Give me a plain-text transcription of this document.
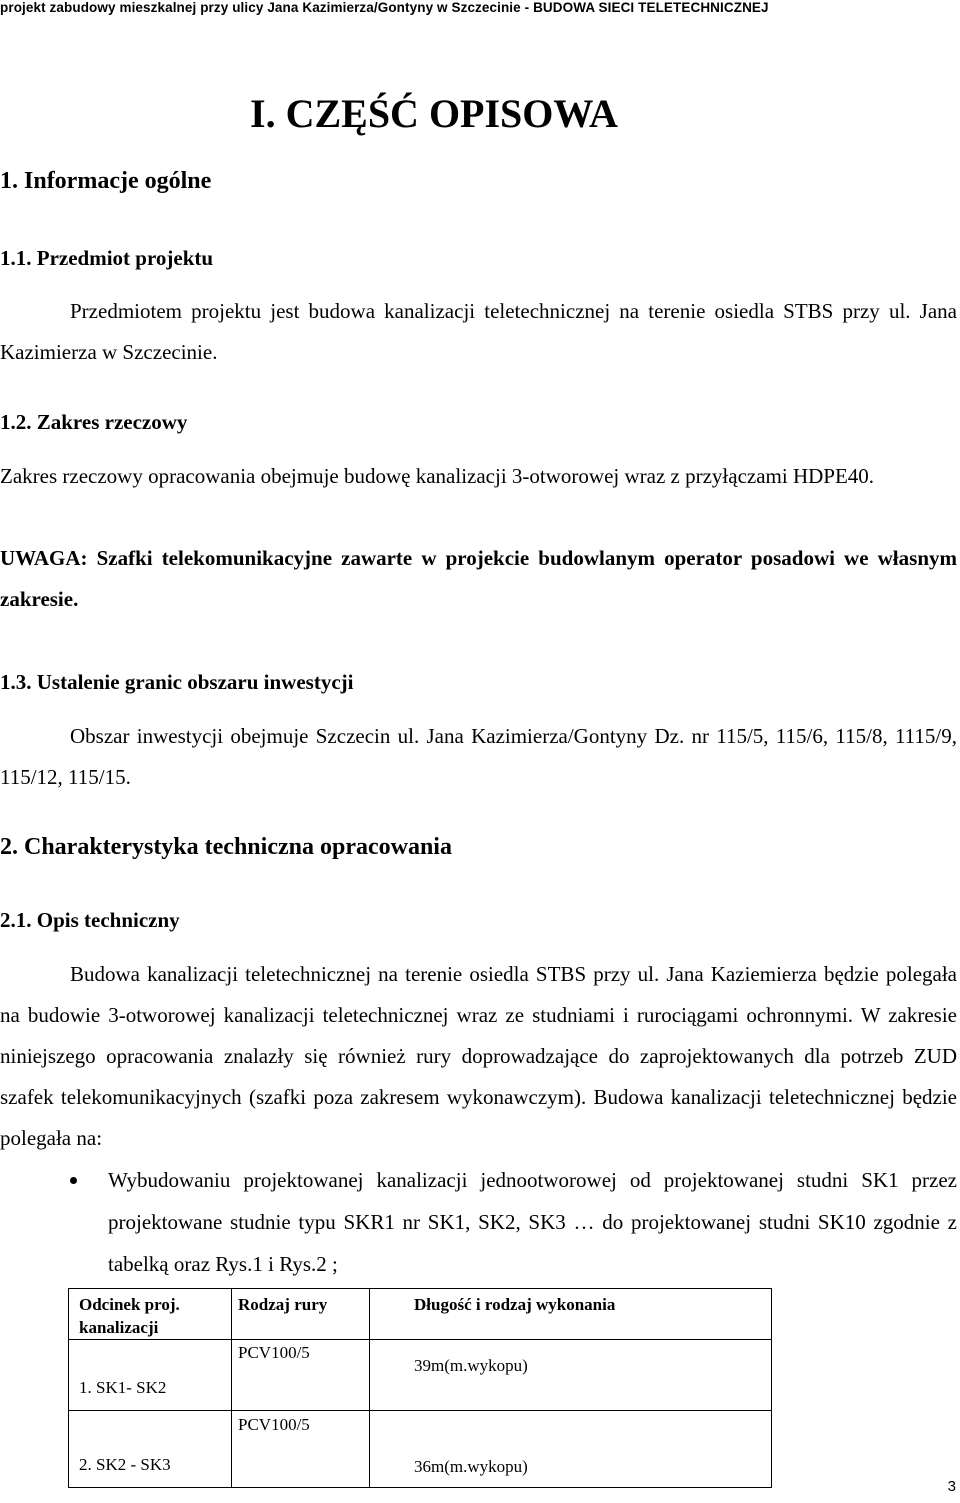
projekt zabudowy mieszkalnej przy ulicy Jana Kazimierza/Gontyny w Szczecinie - BUDOWA SIECI TELETECHNICZNEJ
I. CZĘŚĆ OPISOWA
1. Informacje ogólne
1.1. Przedmiot projektu
Przedmiotem projektu jest budowa kanalizacji teletechnicznej na terenie osiedla STBS przy ul. Jana Kazimierza w Szczecinie.
1.2. Zakres rzeczowy
Zakres rzeczowy opracowania obejmuje budowę kanalizacji 3-otworowej wraz z przyłączami HDPE40.
UWAGA: Szafki telekomunikacyjne zawarte w projekcie budowlanym operator posadowi we własnym zakresie.
1.3. Ustalenie granic obszaru inwestycji
Obszar inwestycji obejmuje Szczecin ul. Jana Kazimierza/Gontyny Dz. nr 115/5, 115/6, 115/8, 1115/9, 115/12, 115/15.
2. Charakterystyka techniczna opracowania
2.1. Opis techniczny
Budowa kanalizacji teletechnicznej na terenie osiedla STBS przy ul. Jana Kaziemierza będzie polegała na budowie 3-otworowej kanalizacji teletechnicznej wraz ze studniami i rurociągami ochronnymi. W zakresie niniejszego opracowania znalazły się również rury doprowadzające do zaprojektowanych dla potrzeb ZUD szafek telekomunikacyjnych (szafki poza zakresem wykonawczym). Budowa kanalizacji teletechnicznej będzie polegała na:
Wybudowaniu projektowanej kanalizacji jednootworowej od projektowanej studni SK1 przez projektowane studnie typu SKR1 nr SK1, SK2, SK3 … do projektowanej studni SK10 zgodnie z tabelką oraz Rys.1 i Rys.2 ;
Odcinek proj. kanalizacji	Rodzaj rury	Długość i rodzaj wykonania

1. SK1- SK2	PCV100/5	39m(m.wykopu)

2. SK2 - SK3	PCV100/5	36m(m.wykopu)
3
